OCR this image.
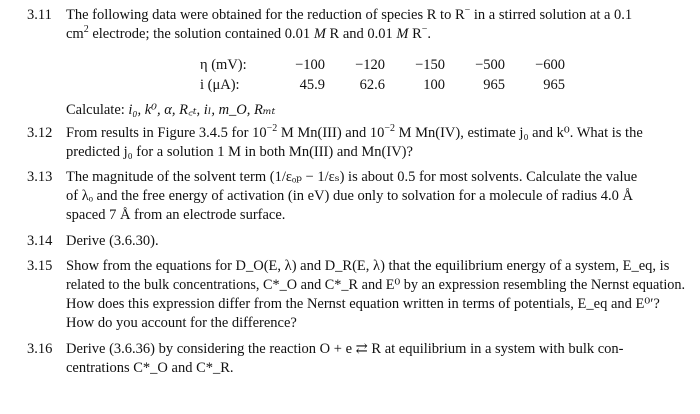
3.11 The following data were obtained for the reduction of species R to R− in a stirred solution at a 0.1

$cm^2$ electrode; the solution contained 0.01 M R and 0.01 M R−.

η (mV):	−100	−120	−150	−500	−600
i (μA):	45.9	62.6	100	965	965

Calculate: i₀, k⁰, α, R꜀ₜ, iₗ, m_O, Rₘₜ

3.12 From results in Figure 3.4.5 for $10^{-2}$ M Mn(III) and $10^{-2}$ M Mn(IV), estimate j₀ and k⁰. What is the

predicted j₀ for a solution 1 M in both Mn(III) and Mn(IV)?

3.13 The magnitude of the solvent term (1/εₒₚ − 1/εₛ) is about 0.5 for most solvents. Calculate the value

of λₒ and the free energy of activation (in eV) due only to solvation for a molecule of radius 4.0 Å

spaced 7 Å from an electrode surface.

3.14 Derive (3.6.30).

3.15 Show from the equations for D_O(E, λ) and D_R(E, λ) that the equilibrium energy of a system, E_eq, is

related to the bulk concentrations, C*_O and C*_R and E⁰ by an expression resembling the Nernst equation.

How does this expression differ from the Nernst equation written in terms of potentials, E_eq and E⁰′?

How do you account for the difference?

3.16 Derive (3.6.36) by considering the reaction O + e ⇄ R at equilibrium in a system with bulk con-

centrations C*_O and C*_R.
